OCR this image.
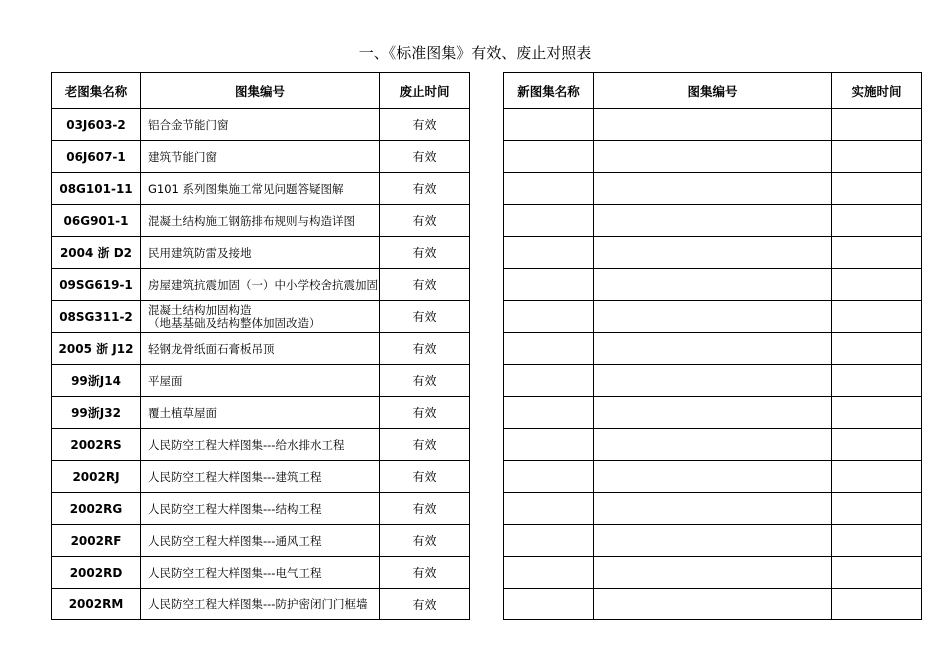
一、《标准图集》有效、废止对照表
老图集名称	图集编号	废止时间
03J603-2	铝合金节能门窗	有效
06J607-1	建筑节能门窗	有效
08G101-11	G101 系列图集施工常见问题答疑图解	有效
06G901-1	混凝土结构施工钢筋排布规则与构造详图	有效
2004 浙 D2	民用建筑防雷及接地	有效
09SG619-1	房屋建筑抗震加固（一）中小学校舍抗震加固	有效
08SG311-2	混凝土结构加固构造
（地基基础及结构整体加固改造）	有效
2005 浙 J12	轻钢龙骨纸面石膏板吊顶	有效
99浙J14	平屋面	有效
99浙J32	覆土植草屋面	有效
2002RS	人民防空工程大样图集---给水排水工程	有效
2002RJ	人民防空工程大样图集---建筑工程	有效
2002RG	人民防空工程大样图集---结构工程	有效
2002RF	人民防空工程大样图集---通风工程	有效
2002RD	人民防空工程大样图集---电气工程	有效
2002RM	人民防空工程大样图集---防护密闭门门框墙	有效
新图集名称	图集编号	实施时间
